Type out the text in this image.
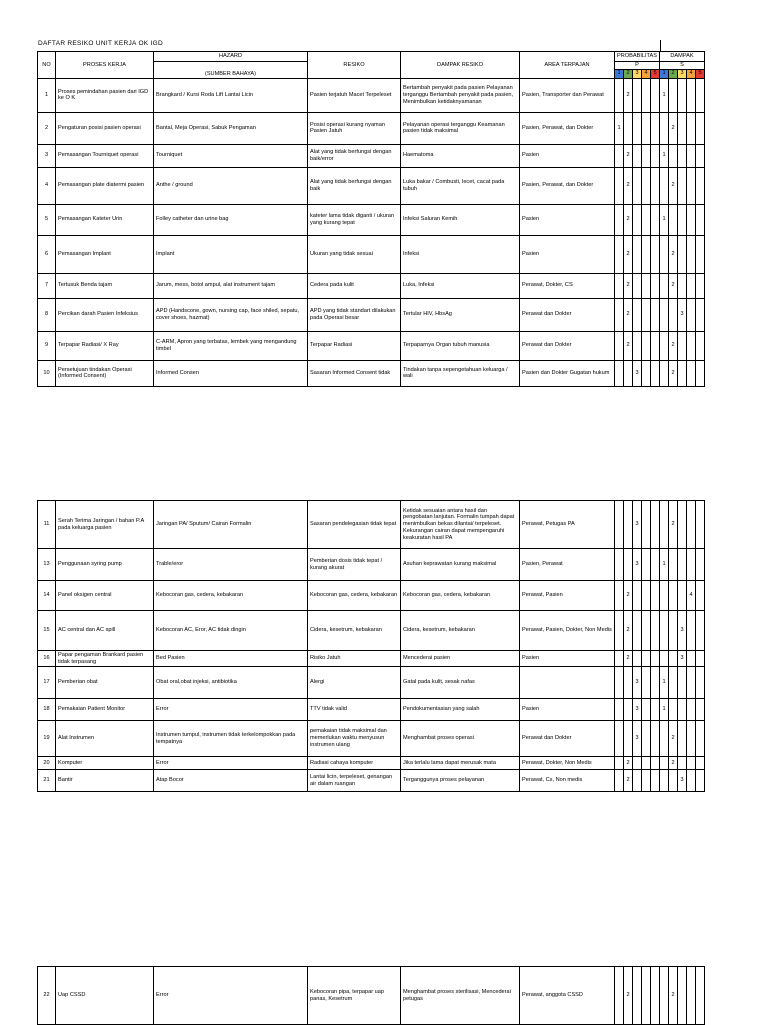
DAFTAR RESIKO UNIT KERJA OK IGD
NO	PROSES KERJA	HAZARD	RESIKO	DAMPAK RESIKO	AREA TERPAJAN	PROBABILITAS					DAMPAK				
		(SUMBER BAHAYA)				P					S				
						1	2	3	4	5	1	2	3	4	5
1	Proses pemindahan pasien dari IGD ke O K	Brangkard / Kursi Roda Lift Lantai Licin	Pasien terjatuh Macet Terpeleset	Bertambah penyakit pada pasien Pelayanan terganggu Bertambah penyakit pada pasien, Menimbulkan ketidaknyamanan	Pasien, Transporter dan Perawat		2				1				
2	Pengaturan posisi pasien operasi	Bantal, Meja Operasi, Sabuk Pengaman	Posisi operasi kurang nyaman Pasien Jatuh	Pelayanan operasi terganggu Keamanan pasien tidak maksimal	Pasien, Perawat, dan Dokter	1						2			
3	Pemasangan Tourniquet operasi	Tourniquet	Alat yang tidak berfungsi dengan baik/error	Haematoma	Pasien		2				1				
4	Pemasangan plate diatermi pasien	Anthe / ground	Alat yang tidak berfungsi dengan baik	Luka bakar / Combusti, lecet, cacat pada tubuh	Pasien, Perawat, dan Dokter		2					2			
5	Pemasangan Kateter Urin	Folley catheter dan urine bag	kateter lama tidak diganti / ukuran yang kurang tepat	Infeksi Saluran Kemih	Pasien		2				1				
6	Pemasangan Implant	Implant	Ukuran yang tidak sesuai	Infeksi	Pasien		2					2			
7	Tertusuk Benda tajam	Jarum, mess, botol ampul, alat instrument tajam	Cedera pada kulit	Luka, Infeksi	Perawat, Dokter, CS		2					2			
8	Percikan darah Pasien Infeksius	APD (Handscone, gown, nursing cap, face shiled, sepatu, cover shoes, hazmat)	APD yang tidak standart dilakukan pada Operasi besar	Tertular HIV, HbsAg	Perawat dan Dokter		2						3		
9	Terpapar Radiasi/ X Ray	C-ARM, Apron yang terbatas, lembek yang mengandung timbel	Terpapar Radiasi	Terpaparnya Organ tubuh manusia	Perawat dan Dokter		2					2			
10	Persetujuan tindakan Operasi (Informed Consent)	Informed Consen	Sasaran Informed Consent tidak	Tindakan tanpa sepengetahuan keluarga / wali	Pasien dan Dokter Gugatan hukum			3				2			
11	Serah Terima Jaringan / bahan P.A pada keluarga pasien	Jaringan PA/ Sputum/ Cairan Formalin	Sasaran pendelegasian tidak tepat	Ketidak sesuaian antara hasil dan pengobatan lanjutan. Formalin tumpah dapat menimbulkan bekas dilantai/ terpeleset. Kekurangan cairan dapat mempengaruhi keakuratan hasil PA	Perawat, Petugas PA			3				2			
13	Penggunaan syring pump	Trable/eror	Pemberian dosis tidak tepat / kurang akurat	Asuhan keprawatan kurang maksimal	Pasien, Perawat			3			1				
14	Panel oksigen central	Kebocoran gas, cedera, kebakaran	Kebocoran gas, cedera, kebakaran	Kebocoran gas, cedera, kebakaran	Perawat, Pasien		2							4	
15	AC central dan AC spill	Kebocoran AC, Eror, AC tidak dingin	Cidera, kesetrum, kebakaran	Cidera, kesetrum, kebakaran	Perawat, Pasien, Dokter, Non Medis		2						3		
16	Papar pengaman Brankard pasien tidak terpasang	Bed Pasien	Risiko Jatuh	Mencederai pasien	Pasien		2						3		
17	Pemberian obat	Obat oral,obat injeksi, antibiotika	Alergi	Gatal pada kulit, sesak nafas				3			1				
18	Pemakaian Patient Monitor	Error	TTV tidak valid	Pendokumentasian yang salah	Pasien			3			1				
19	Alat Instrumen	Instrumen tumpul, instrumen tidak terkelompokkan pada tempatnya	pemakaian tidak maksimal dan memerlukan waktu menyusun instrumen ulang	Menghambat proses operasi	Perawat dan Dokter			3				2			
20	Komputer	Error	Radiasi cahaya komputer	Jika terlalu lama dapat merusak mata	Perawat, Dokter, Non Medis		2					2			
21	Bantir	Atap Bocor	Lantai licin, terpeleset, genangan air dalam ruangan	Terganggunya proses pelayanan	Perawat, Cs, Non medis		2						3		
22	Uap CSSD	Error	Kebocoran pipa, terpapar uap panas, Kesetrum	Menghambat proses sterilisasi, Mencederai petugas	Perawat, anggota CSSD		2					2			
